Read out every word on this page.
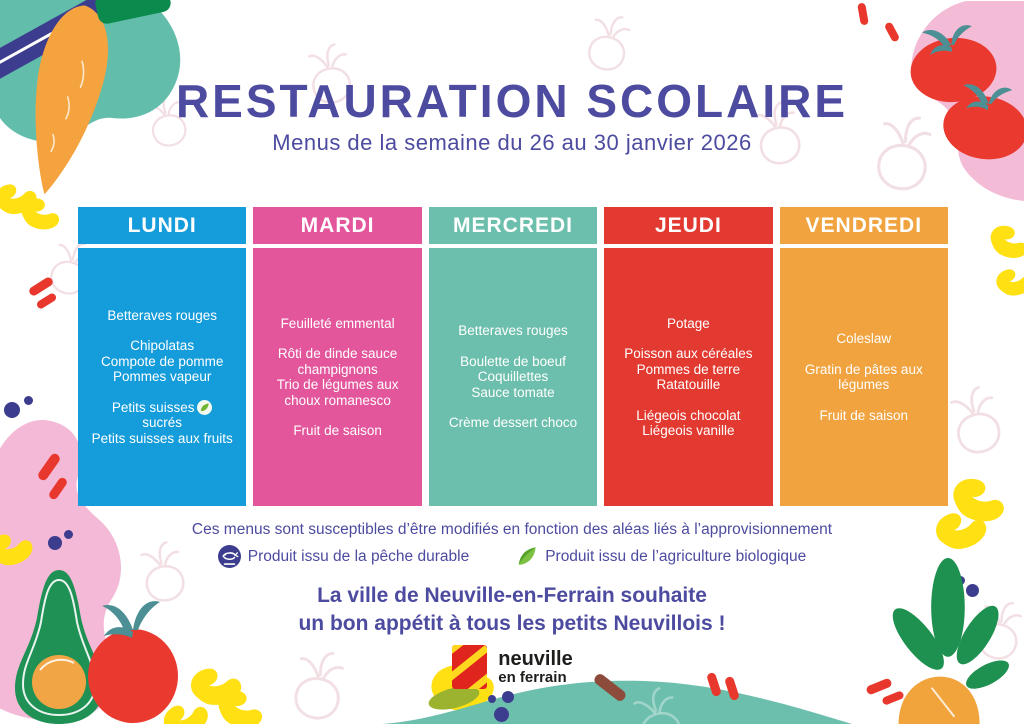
RESTAURATION SCOLAIRE
Menus de la semaine du 26 au 30 janvier 2026
LUNDI
Betteraves rouges
Chipolatas
Compote de pomme
Pommes vapeur
Petits suisses
sucrés
Petits suisses aux fruits
MARDI
Feuilleté emmental
Rôti de dinde sauce
champignons
Trio de légumes aux
choux romanesco
Fruit de saison
MERCREDI
Betteraves rouges
Boulette de boeuf
Coquillettes
Sauce tomate
Crème dessert choco
JEUDI
Potage
Poisson aux céréales
Pommes de terre
Ratatouille
Liégeois chocolat
Liégeois vanille
VENDREDI
Coleslaw
Gratin de pâtes aux
légumes
Fruit de saison
Ces menus sont susceptibles d’être modifiés en fonction des aléas liés à l’approvisionnement
Produit issu de la pêche durable	Produit issu de l’agriculture biologique
La ville de Neuville-en-Ferrain souhaite
un bon appétit à tous les petits Neuvillois !
neuville
en ferrain
